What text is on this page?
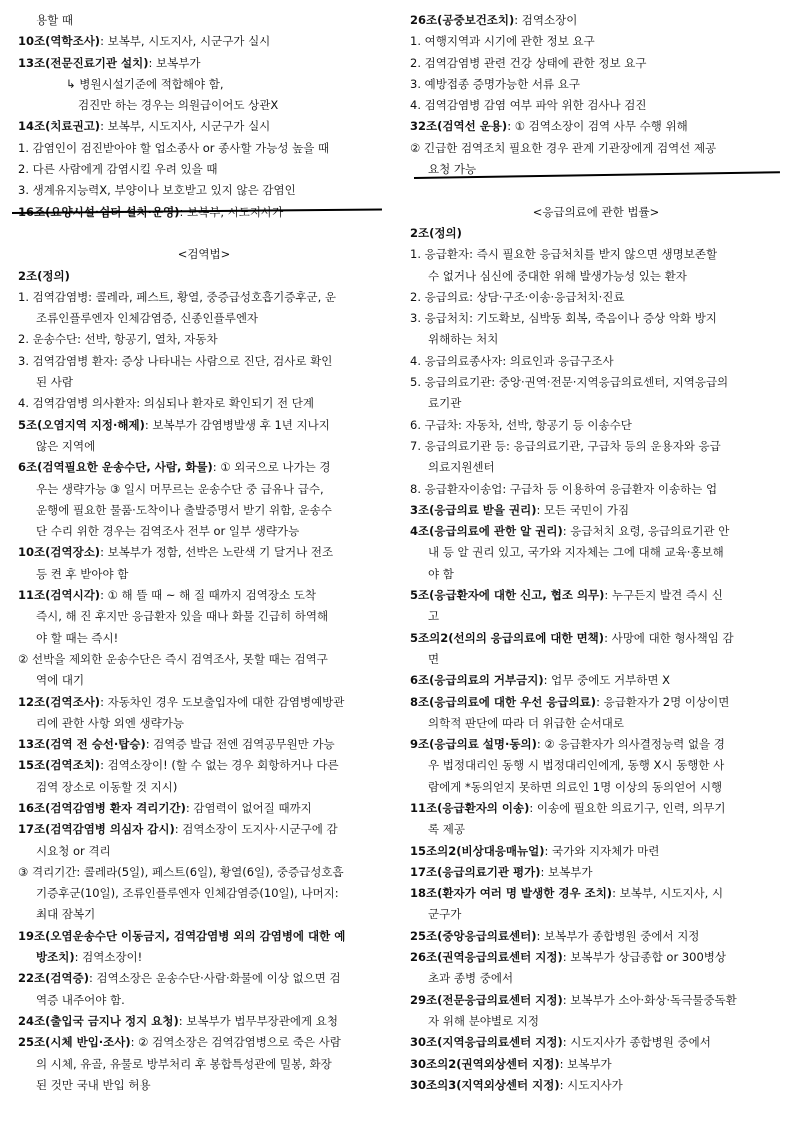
용할 때
10조(역학조사): 보복부, 시도지사, 시군구가 실시
13조(전문진료기관 설치): 보복부가
↳ 병원시설기준에 적합해야 함,
검진만 하는 경우는 의원급이어도 상관X
14조(치료권고): 보복부, 시도지사, 시군구가 실시
1. 감염인이 검진받아야 할 업소종사 or 종사할 가능성 높을 때
2. 다른 사람에게 감염시킬 우려 있을 때
3. 생계유지능력X, 부양이나 보호받고 있지 않은 감염인
16조(요양시설·쉼터 설치·운영): 보복부, 시도지사가
<검역법>
2조(정의)
1. 검역감염병: 콜레라, 페스트, 황열, 중증급성호흡기증후군, 운
조류인플루엔자 인체감염증, 신종인플루엔자
2. 운송수단: 선박, 항공기, 열차, 자동차
3. 검역감염병 환자: 증상 나타내는 사람으로 진단, 검사로 확인
된 사람
4. 검역감염병 의사환자: 의심되나 환자로 확인되기 전 단계
5조(오염지역 지정·해제): 보복부가 감염병발생 후 1년 지나지
않은 지역에
6조(검역필요한 운송수단, 사람, 화물): ① 외국으로 나가는 경
우는 생략가능 ③ 일시 머무르는 운송수단 중 급유나 급수,
운행에 필요한 물품·도착이나 출발증명서 받기 위함, 운송수
단 수리 위한 경우는 검역조사 전부 or 일부 생략가능
10조(검역장소): 보복부가 정함, 선박은 노란색 기 달거나 전조
등 켠 후 받아야 함
11조(검역시각): ① 해 뜰 때 ~ 해 질 때까지 검역장소 도착
즉시, 해 진 후지만 응급환자 있을 때나 화물 긴급히 하역해
야 할 때는 즉시!
② 선박을 제외한 운송수단은 즉시 검역조사, 못할 때는 검역구
역에 대기
12조(검역조사): 자동차인 경우 도보출입자에 대한 감염병예방관
리에 관한 사항 외엔 생략가능
13조(검역 전 승선·탑승): 검역증 발급 전엔 검역공무원만 가능
15조(검역조치): 검역소장이! (할 수 없는 경우 회항하거나 다른
검역 장소로 이동할 것 지시)
16조(검역감염병 환자 격리기간): 감염력이 없어질 때까지
17조(검역감염병 의심자 감시): 검역소장이 도지사·시군구에 감
시요청 or 격리
③ 격리기간: 콜레라(5일), 페스트(6일), 황열(6일), 중증급성호흡
기증후군(10일), 조류인플루엔자 인체감염증(10일), 나머지:
최대 잠복기
19조(오염운송수단 이동금지, 검역감염병 외의 감염병에 대한 예
방조치): 검역소장이!
22조(검역증): 검역소장은 운송수단·사람·화물에 이상 없으면 검
역증 내주어야 함.
24조(출입국 금지나 정지 요청): 보복부가 법무부장관에게 요청
25조(시체 반입·조사): ② 검역소장은 검역감염병으로 죽은 사람
의 시체, 유골, 유물로 방부처리 후 봉합특성관에 밀봉, 화장
된 것만 국내 반입 허용
26조(공중보건조치): 검역소장이
1. 여행지역과 시기에 관한 정보 요구
2. 검역감염병 관련 건강 상태에 관한 정보 요구
3. 예방접종 증명가능한 서류 요구
4. 검역감염병 감염 여부 파악 위한 검사나 검진
32조(검역선 운용): ① 검역소장이 검역 사무 수행 위해
② 긴급한 검역조치 필요한 경우 관계 기관장에게 검역선 제공
요청 가능
<응급의료에 관한 법률>
2조(정의)
1. 응급환자: 즉시 필요한 응급처치를 받지 않으면 생명보존할
수 없거나 심신에 중대한 위해 발생가능성 있는 환자
2. 응급의료: 상담·구조·이송·응급처치·진료
3. 응급처치: 기도확보, 심박동 회복, 죽음이나 증상 악화 방지
위해하는 처치
4. 응급의료종사자: 의료인과 응급구조사
5. 응급의료기관: 중앙·권역·전문·지역응급의료센터, 지역응급의
료기관
6. 구급차: 자동차, 선박, 항공기 등 이송수단
7. 응급의료기관 등: 응급의료기관, 구급차 등의 운용자와 응급
의료지원센터
8. 응급환자이송업: 구급차 등 이용하여 응급환자 이송하는 업
3조(응급의료 받을 권리): 모든 국민이 가짐
4조(응급의료에 관한 알 권리): 응급처치 요령, 응급의료기관 안
내 등 알 권리 있고, 국가와 지자체는 그에 대해 교육·홍보해
야 함
5조(응급환자에 대한 신고, 협조 의무): 누구든지 발견 즉시 신
고
5조의2(선의의 응급의료에 대한 면책): 사망에 대한 형사책임 감
면
6조(응급의료의 거부금지): 업무 중에도 거부하면 X
8조(응급의료에 대한 우선 응급의료): 응급환자가 2명 이상이면
의학적 판단에 따라 더 위급한 순서대로
9조(응급의료 설명·동의): ② 응급환자가 의사결정능력 없을 경
우 법정대리인 동행 시 법정대리인에게, 동행 X시 동행한 사
람에게 *동의얻지 못하면 의료인 1명 이상의 동의얻어 시행
11조(응급환자의 이송): 이송에 필요한 의료기구, 인력, 의무기
록 제공
15조의2(비상대응매뉴얼): 국가와 지자체가 마련
17조(응급의료기관 평가): 보복부가
18조(환자가 여러 명 발생한 경우 조치): 보복부, 시도지사, 시
군구가
25조(중앙응급의료센터): 보복부가 종합병원 중에서 지정
26조(권역응급의료센터 지정): 보복부가 상급종합 or 300병상
초과 종병 중에서
29조(전문응급의료센터 지정): 보복부가 소아·화상·독극물중독환
자 위해 분야별로 지정
30조(지역응급의료센터 지정): 시도지사가 종합병원 중에서
30조의2(권역외상센터 지정): 보복부가
30조의3(지역외상센터 지정): 시도지사가
